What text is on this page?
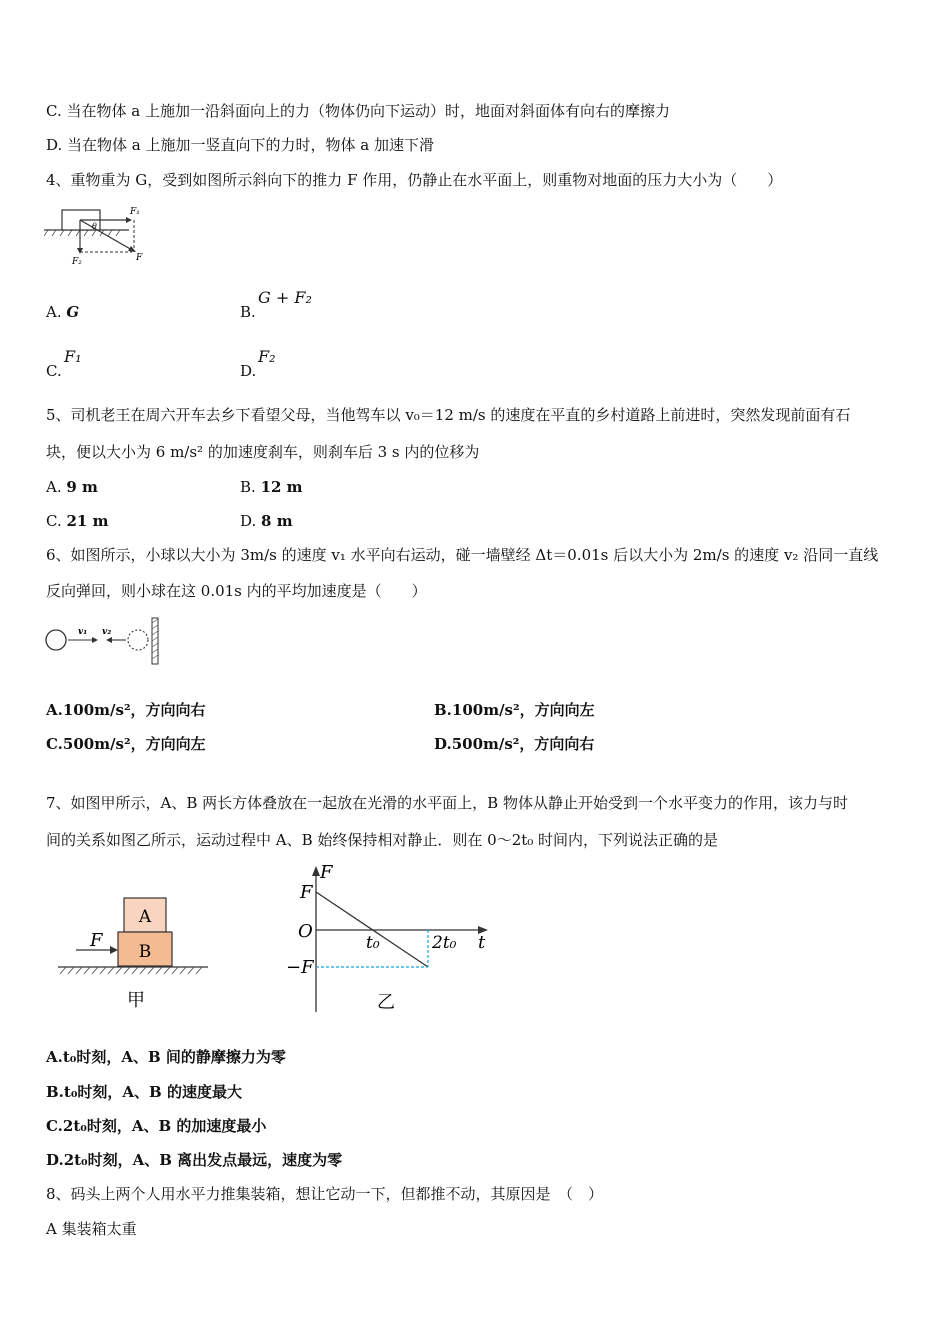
C. 当在物体 a 上施加一沿斜面向上的力（物体仍向下运动）时，地面对斜面体有向右的摩擦力
D. 当在物体 a 上施加一竖直向下的力时，物体 a 加速下滑
4、重物重为 G，受到如图所示斜向下的推力 F 作用，仍静止在水平面上，则重物对地面的压力大小为（　　）
F₁
θ
F₂	F
A. G	B.
G + F₂
C.
F₁
D.
F₂
5、司机老王在周六开车去乡下看望父母，当他驾车以 v₀＝12 m/s 的速度在平直的乡村道路上前进时，突然发现前面有石
块，便以大小为 6 m/s² 的加速度刹车，则刹车后 3 s 内的位移为
A. 9 m	B. 12 m
C. 21 m	D. 8 m
6、如图所示，小球以大小为 3m/s 的速度 v₁ 水平向右运动，碰一墙壁经 Δt＝0.01s 后以大小为 2m/s 的速度 v₂ 沿同一直线
反向弹回，则小球在这 0.01s 内的平均加速度是（　　）
v₁ v₂
A.100m/s²，方向向右	B.100m/s²，方向向左
C.500m/s²，方向向左	D.500m/s²，方向向右
7、如图甲所示，A、B 两长方体叠放在一起放在光滑的水平面上，B 物体从静止开始受到一个水平变力的作用，该力与时
间的关系如图乙所示，运动过程中 A、B 始终保持相对静止．则在 0～2t₀ 时间内，下列说法正确的是
A
B
F
甲
F
F
O
−F
t₀	2t₀ t
乙
A.t₀时刻，A、B 间的静摩擦力为零
B.t₀时刻，A、B 的速度最大
C.2t₀时刻，A、B 的加速度最小
D.2t₀时刻，A、B 离出发点最远，速度为零
8、码头上两个人用水平力推集装箱，想让它动一下，但都推不动，其原因是　（　）
A 集装箱太重
